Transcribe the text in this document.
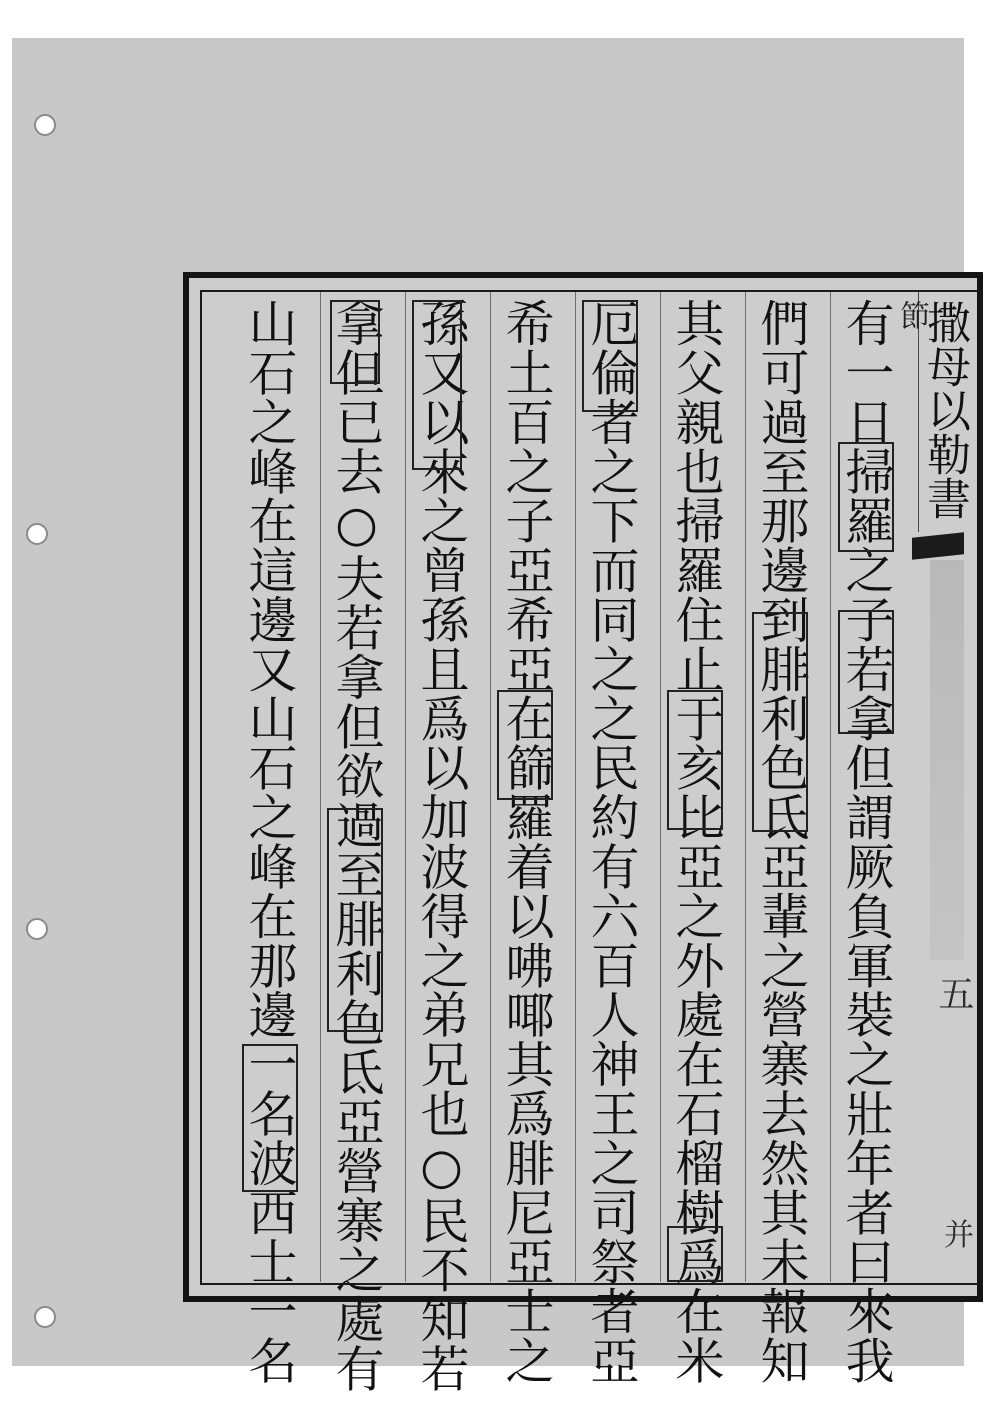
撒母以勒書
節
五
并
有一日掃羅之子若拿但謂厥負軍裝之壯年者曰來我
們可過至那邊到腓利色氐亞輩之營寨去然其未報知
其父親也掃羅住止于亥比亞之外處在石榴樹爲在米
厄倫者之下而同之之民約有六百人神王之司祭者亞
希土百之子亞希亞在篩羅着以咈㖿其爲腓尼亞士之
孫又以來之曾孫且爲以加波得之弟兄也○民不知若
拿但已去○夫若拿但欲過至腓利色氐亞營寨之處有
山石之峰在這邊又山石之峰在那邊一名波西士一名
